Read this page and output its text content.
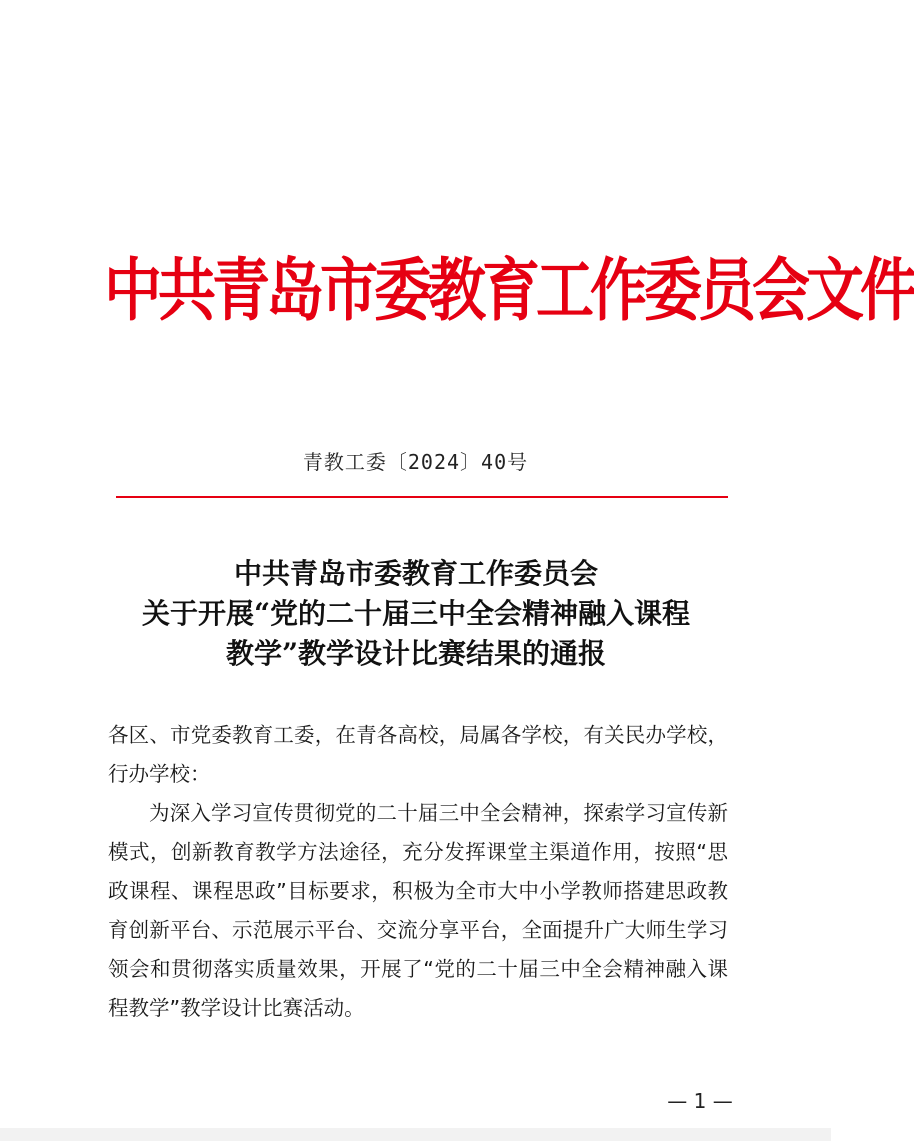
中共青岛市委教育工作委员会文件
青教工委〔2024〕40号
中共青岛市委教育工作委员会
关于开展“党的二十届三中全会精神融入课程
教学”教学设计比赛结果的通报

各区、市党委教育工委，在青各高校，局属各学校，有关民办学校，行办学校：

为深入学习宣传贯彻党的二十届三中全会精神，探索学习宣传新模式，创新教育教学方法途径，充分发挥课堂主渠道作用，按照“思政课程、课程思政”目标要求，积极为全市大中小学教师搭建思政教育创新平台、示范展示平台、交流分享平台，全面提升广大师生学习领会和贯彻落实质量效果，开展了“党的二十届三中全会精神融入课程教学”教学设计比赛活动。

— 1 —
